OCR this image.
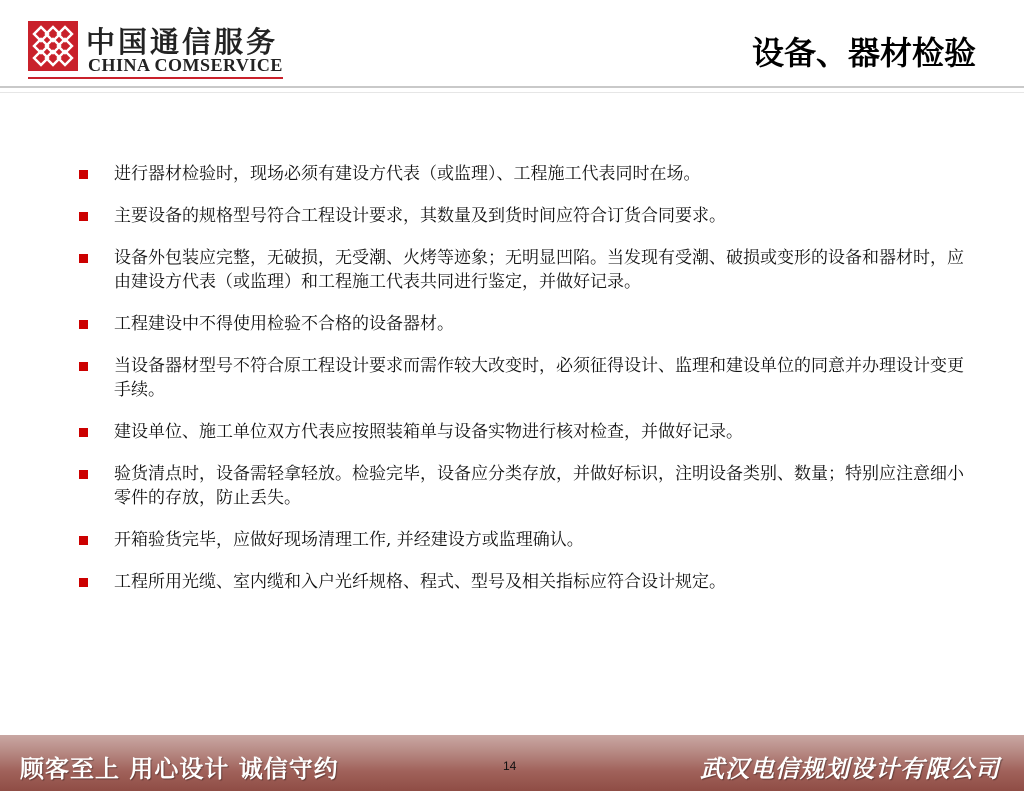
中国通信服务
CHINA COMSERVICE	设备、器材检验
进行器材检验时，现场必须有建设方代表（或监理）、工程施工代表同时在场。
主要设备的规格型号符合工程设计要求，其数量及到货时间应符合订货合同要求。
设备外包装应完整，无破损，无受潮、火烤等迹象；无明显凹陷。当发现有受潮、破损或变形的设备和器材时，应由建设方代表（或监理）和工程施工代表共同进行鉴定，并做好记录。
工程建设中不得使用检验不合格的设备器材。
当设备器材型号不符合原工程设计要求而需作较大改变时，必须征得设计、监理和建设单位的同意并办理设计变更手续。
建设单位、施工单位双方代表应按照装箱单与设备实物进行核对检查，并做好记录。
验货清点时，设备需轻拿轻放。检验完毕，设备应分类存放，并做好标识，注明设备类别、数量；特别应注意细小零件的存放，防止丢失。
开箱验货完毕，应做好现场清理工作, 并经建设方或监理确认。
工程所用光缆、室内缆和入户光纤规格、程式、型号及相关指标应符合设计规定。
顾客至上 用心设计 诚信守约	14	武汉电信规划设计有限公司
